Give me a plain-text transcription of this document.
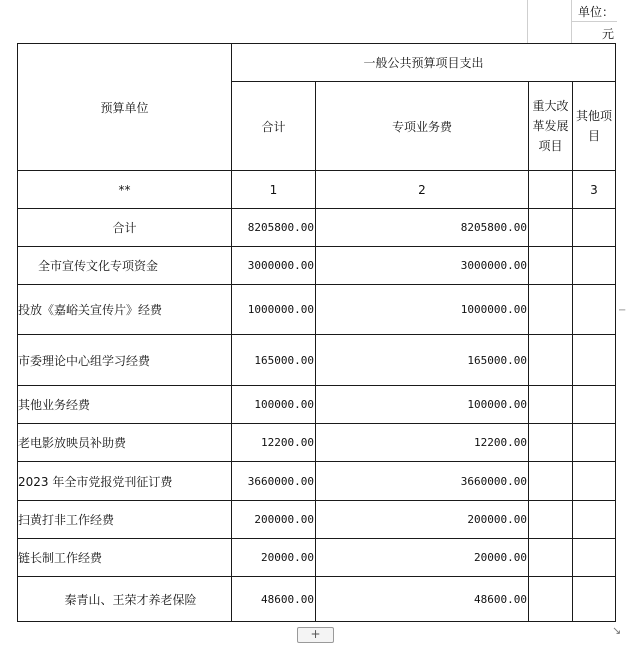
单位：
元
预算单位	一般公共预算项目支出			
	合计	专项业务费	重大改革发展项目	其他项目
**	1	2		3
合计	8205800.00	8205800.00		
全市宣传文化专项资金	3000000.00	3000000.00		
投放《嘉峪关宣传片》经费	1000000.00	1000000.00		
市委理论中心组学习经费	165000.00	165000.00		
其他业务经费	100000.00	100000.00		
老电影放映员补助费	12200.00	12200.00		
2023 年全市党报党刊征订费	3660000.00	3660000.00		
扫黄打非工作经费	200000.00	200000.00		
链长制工作经费	20000.00	20000.00		
秦青山、王荣才养老保险	48600.00	48600.00		
+
−
↘
